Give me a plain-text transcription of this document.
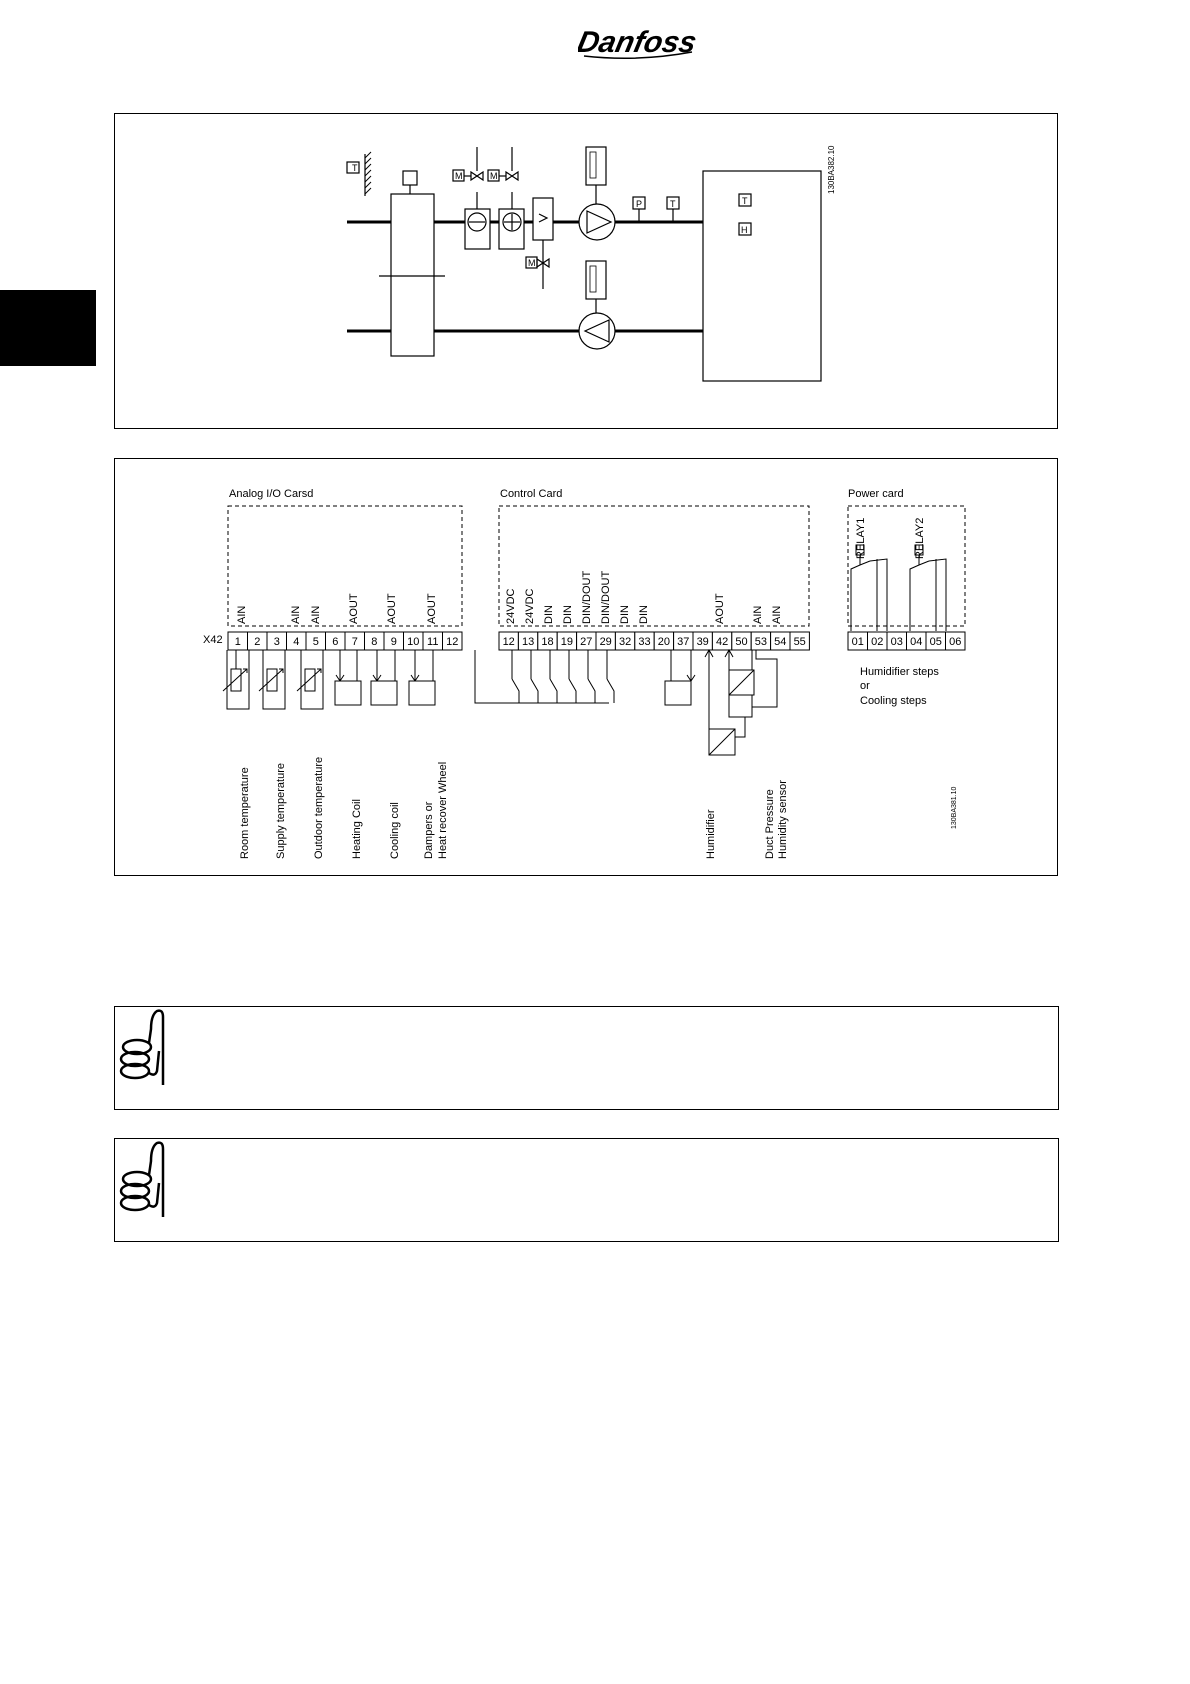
Danfoss
M	M
M
P	T	T
H
T	130BA382.10
Analog I/O Carsd	Control Card	Power card
X42 1 2 3 4 5 6 7 8 9 10 11 12	12 13 18 19 27 29 32 33 20 37 39 42 50 53 54 55	01 02 03 04 05 06
AIN	AIN AIN AOUT AOUT	AOUT	24VDC 24VDC DIN DIN DIN/DOUT DIN/DOUT DIN DIN	AOUT AIN AIN
RELAY1	RELAY2
Humidifier steps
or
Cooling steps
Room temperature Supply temperature Outdoor temperature Heating Coil Cooling coil Dampers or Heat recover Wheel	Humidifier	Duct Pressure Humidity sensor	130BA381.10
